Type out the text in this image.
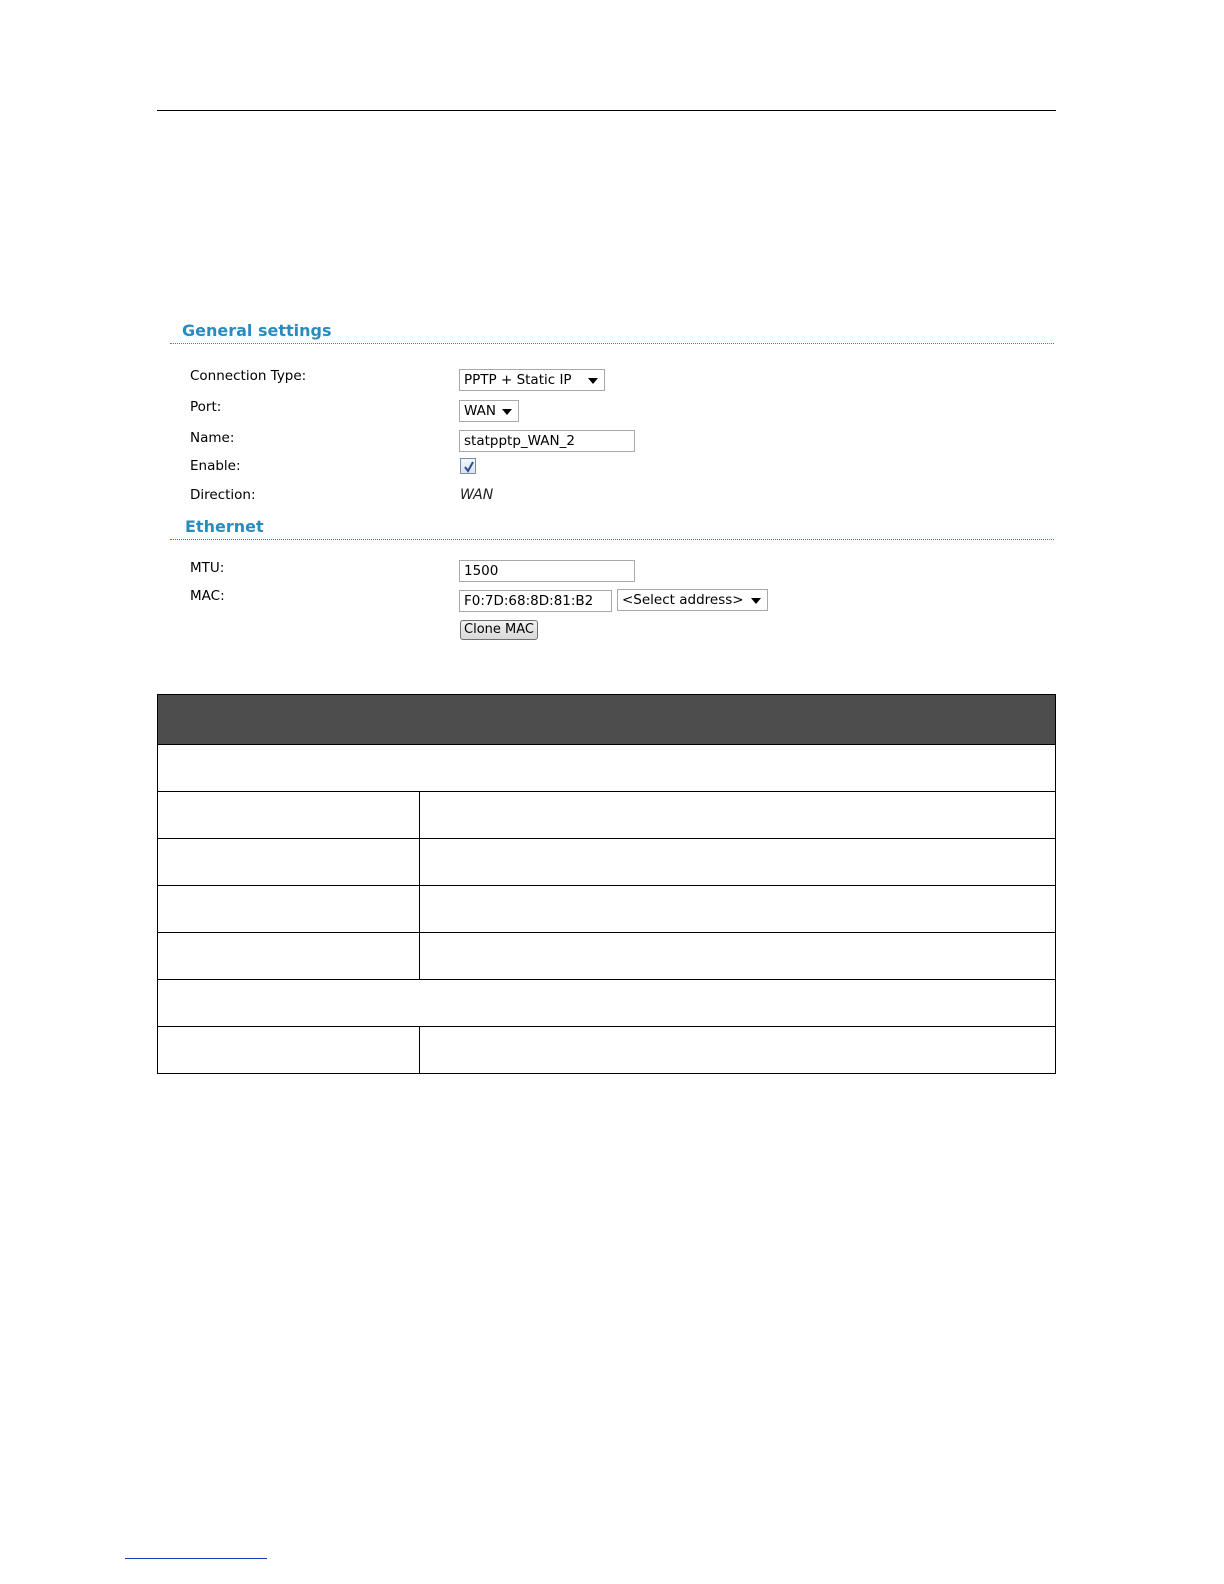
General settings
Connection Type:	PPTP + Static IP
Port:	WAN
Name:	statpptp_WAN_2
Enable:
Direction:	WAN
Ethernet
MTU:	1500
MAC:	F0:7D:68:8D:81:B2	<Select address>
Clone MAC
